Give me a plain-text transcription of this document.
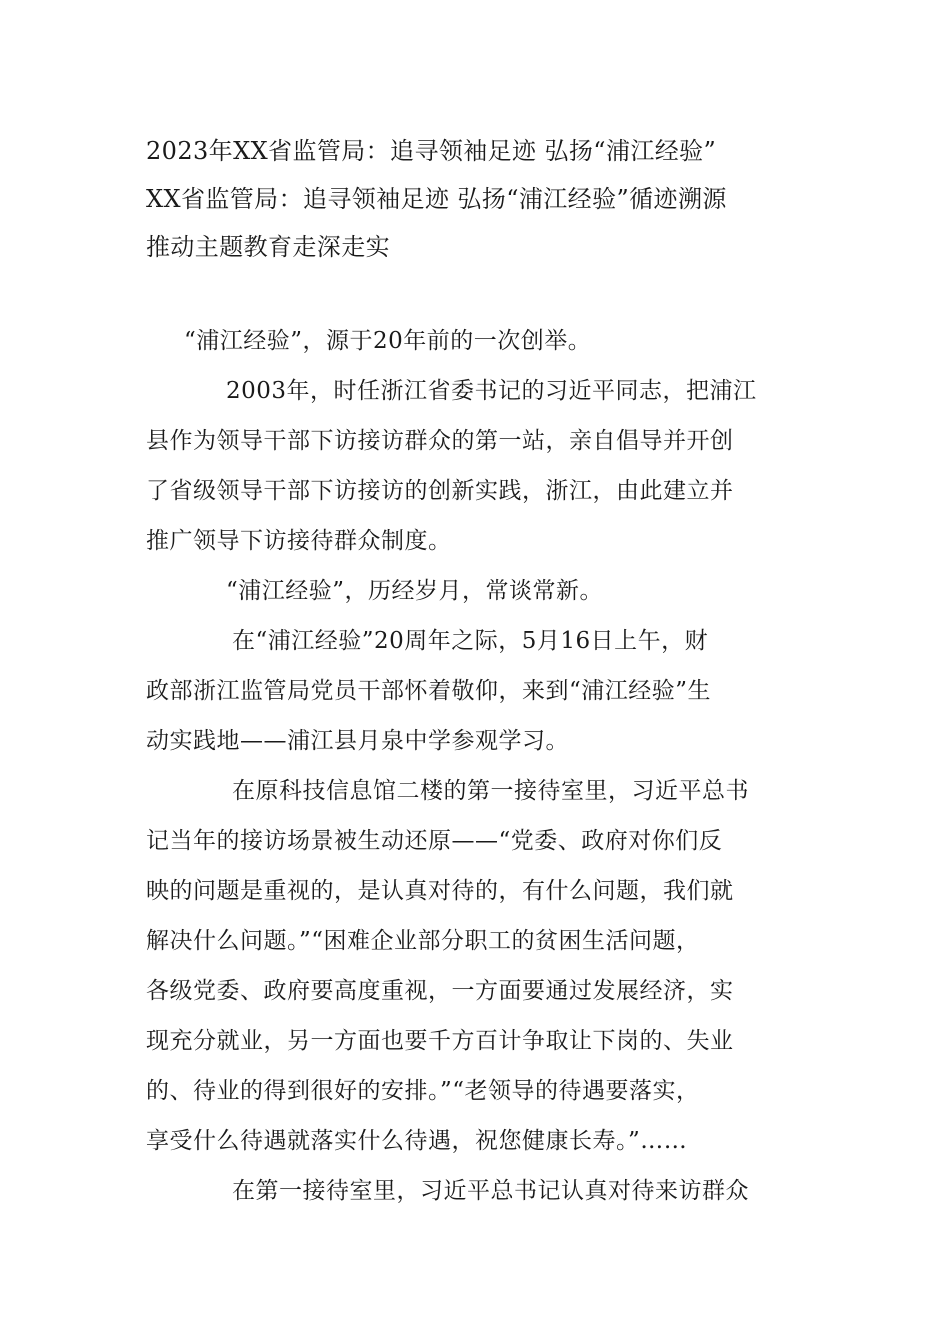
2023年XX省监管局：追寻领袖足迹 弘扬“浦江经验”
XX省监管局：追寻领袖足迹 弘扬“浦江经验”循迹溯源
推动主题教育走深走实
“浦江经验”，源于20年前的一次创举。
2003年，时任浙江省委书记的习近平同志，把浦江
县作为领导干部下访接访群众的第一站，亲自倡导并开创
了省级领导干部下访接访的创新实践，浙江，由此建立并
推广领导下访接待群众制度。
“浦江经验”，历经岁月，常谈常新。
在“浦江经验”20周年之际，5月16日上午，财
政部浙江监管局党员干部怀着敬仰，来到“浦江经验”生
动实践地——浦江县月泉中学参观学习。
在原科技信息馆二楼的第一接待室里，习近平总书
记当年的接访场景被生动还原——“党委、政府对你们反
映的问题是重视的，是认真对待的，有什么问题，我们就
解决什么问题。”“困难企业部分职工的贫困生活问题，
各级党委、政府要高度重视，一方面要通过发展经济，实
现充分就业，另一方面也要千方百计争取让下岗的、失业
的、待业的得到很好的安排。”“老领导的待遇要落实，
享受什么待遇就落实什么待遇，祝您健康长寿。”……
在第一接待室里，习近平总书记认真对待来访群众
